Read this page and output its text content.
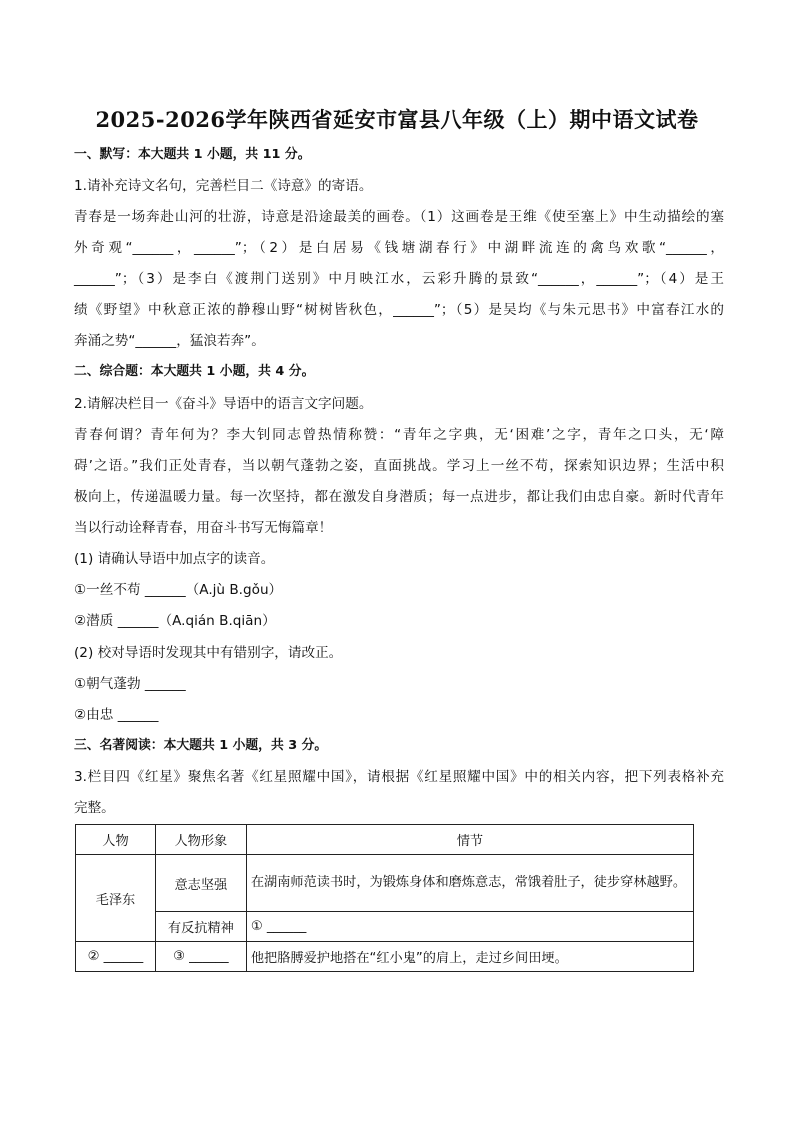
2025-2026学年陕西省延安市富县八年级（上）期中语文试卷
一、默写：本大题共 1 小题，共 11 分。
1.请补充诗文名句，完善栏目二《诗意》的寄语。
青春是一场奔赴山河的壮游，诗意是沿途最美的画卷。（1）这画卷是王维《使至塞上》中生动描绘的塞
外奇观“______，______”；（2）是白居易《钱塘湖春行》中湖畔流连的禽鸟欢歌“______，
______”；（3）是李白《渡荆门送别》中月映江水，云彩升腾的景致“______，______”；（4）是王
绩《野望》中秋意正浓的静穆山野“树树皆秋色，______”；（5）是吴均《与朱元思书》中富春江水的
奔涌之势“______，猛浪若奔”。
二、综合题：本大题共 1 小题，共 4 分。
2.请解决栏目一《奋斗》导语中的语言文字问题。
青春何谓？青年何为？李大钊同志曾热情称赞：“青年之字典，无‘困难’之字，青年之口头，无‘障
碍’之语。”我们正处青春，当以朝气蓬勃之姿，直面挑战。学习上一丝不苟，探索知识边界；生活中积
极向上，传递温暖力量。每一次坚持，都在激发自身潜质；每一点进步，都让我们由忠自豪。新时代青年
当以行动诠释青春，用奋斗书写无悔篇章！
(1) 请确认导语中加点字的读音。
①一丝不苟 ______（A.jù B.gǒu）
②潜质 ______（A.qián B.qiān）
(2) 校对导语时发现其中有错别字，请改正。
①朝气蓬勃 ______
②由忠 ______
三、名著阅读：本大题共 1 小题，共 3 分。
3.栏目四《红星》聚焦名著《红星照耀中国》，请根据《红星照耀中国》中的相关内容，把下列表格补充
完整。
人物	人物形象	情节
毛泽东	意志坚强	在湖南师范读书时，为锻炼身体和磨炼意志，常饿着肚子，徒步穿林越野。
	有反抗精神	① ______
② ______	③ ______	他把胳膊爱护地搭在“红小鬼”的肩上，走过乡间田埂。
